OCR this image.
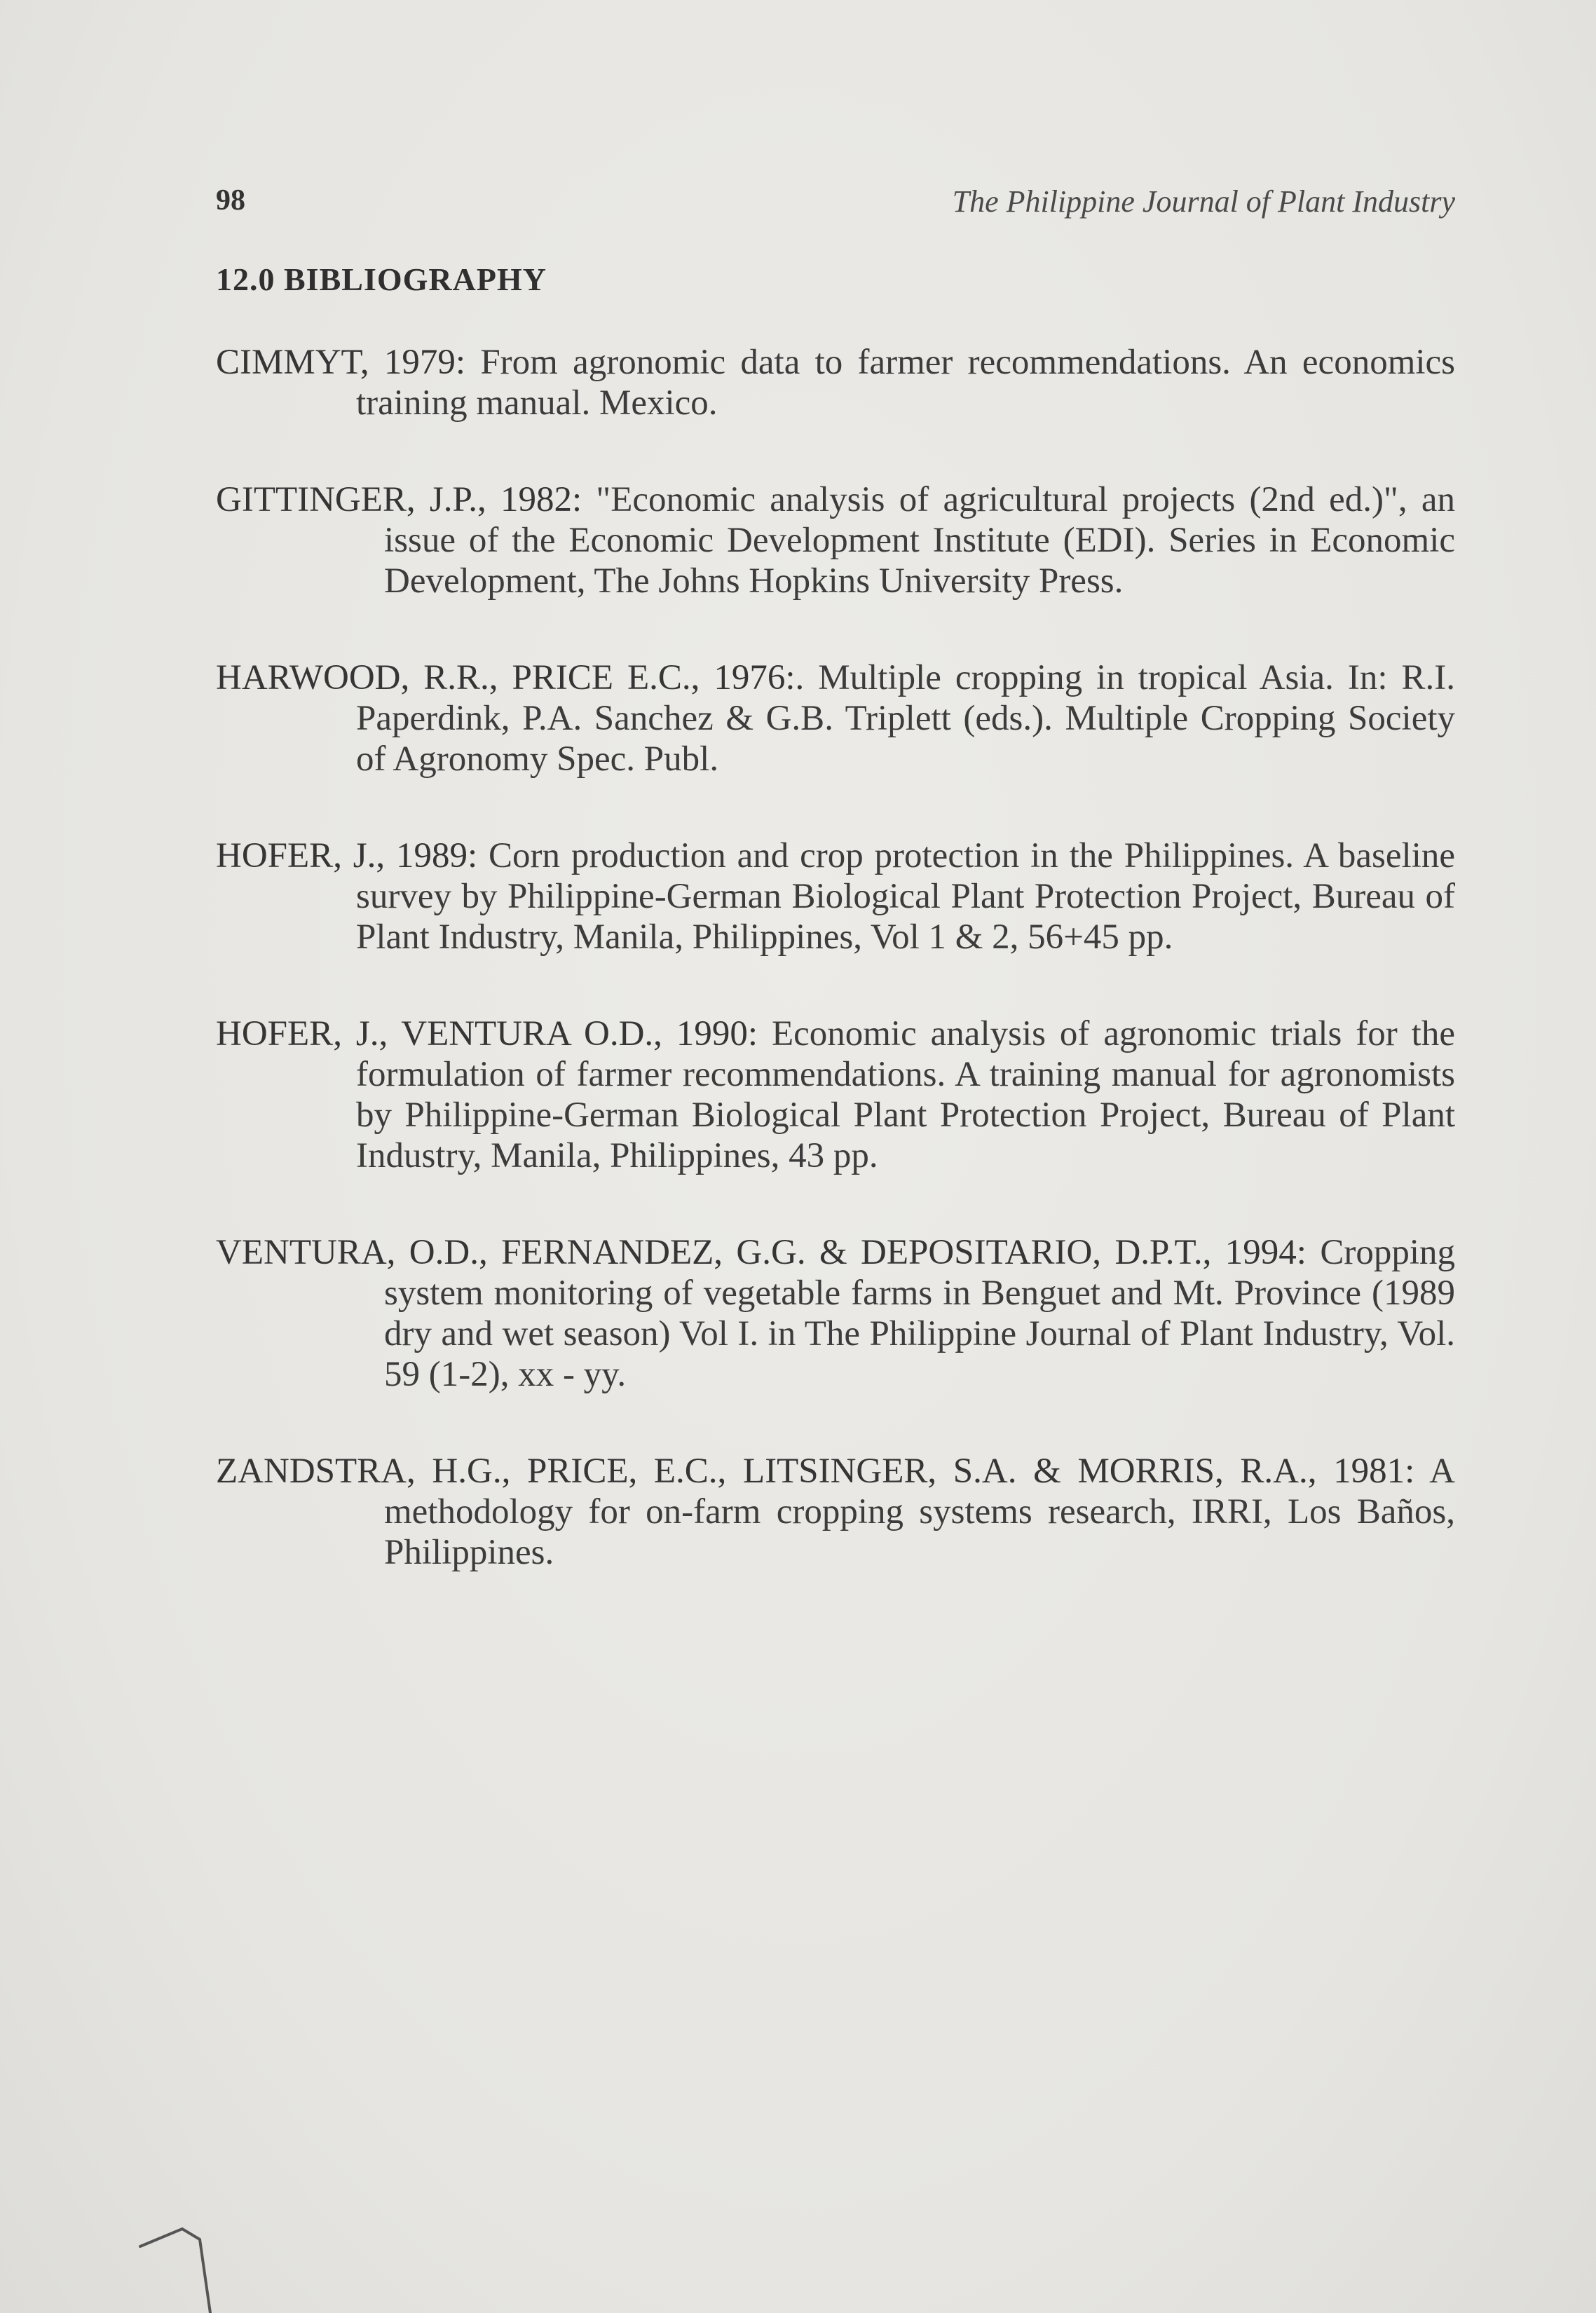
98	The Philippine Journal of Plant Industry
12.0 BIBLIOGRAPHY
CIMMYT, 1979: From agronomic data to farmer recommendations. An economics training manual. Mexico.
GITTINGER, J.P., 1982: "Economic analysis of agricultural projects (2nd ed.)", an issue of the Economic Development Institute (EDI). Series in Economic Development, The Johns Hopkins University Press.
HARWOOD, R.R., PRICE E.C., 1976:. Multiple cropping in tropical Asia. In: R.I. Paperdink, P.A. Sanchez & G.B. Triplett (eds.). Multiple Cropping Society of Agronomy Spec. Publ.
HOFER, J., 1989: Corn production and crop protection in the Philippines. A baseline survey by Philippine-German Biological Plant Protection Project, Bureau of Plant Industry, Manila, Philippines, Vol 1 & 2, 56+45 pp.
HOFER, J., VENTURA O.D., 1990: Economic analysis of agronomic trials for the formulation of farmer recommendations. A training manual for agronomists by Philippine-German Biological Plant Protection Project, Bureau of Plant Industry, Manila, Philippines, 43 pp.
VENTURA, O.D., FERNANDEZ, G.G. & DEPOSITARIO, D.P.T., 1994: Cropping system monitoring of vegetable farms in Benguet and Mt. Province (1989 dry and wet season) Vol I. in The Philippine Journal of Plant Industry, Vol. 59 (1-2), xx - yy.
ZANDSTRA, H.G., PRICE, E.C., LITSINGER, S.A. & MORRIS, R.A., 1981: A methodology for on-farm cropping systems research, IRRI, Los Baños, Philippines.
